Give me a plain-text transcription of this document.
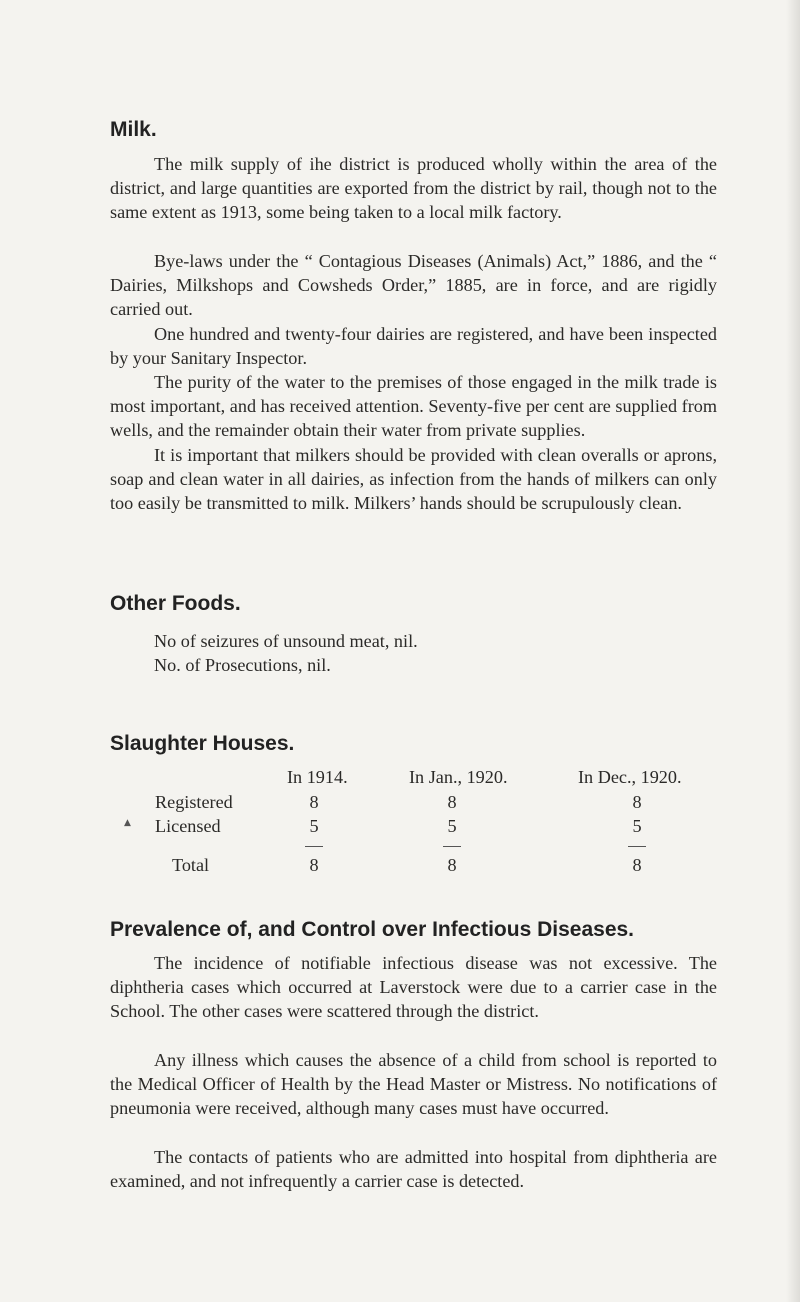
Milk.

The milk supply of ihe district is produced wholly within the area of the district, and large quantities are exported from the district by rail, though not to the same extent as 1913, some being taken to a local milk factory.

Bye-laws under the “ Contagious Diseases (Animals) Act,” 1886, and the “ Dairies, Milkshops and Cowsheds Order,” 1885, are in force, and are rigidly carried out.

One hundred and twenty-four dairies are registered, and have been inspected by your Sanitary Inspector.

The purity of the water to the premises of those engaged in the milk trade is most important, and has received attention. Seventy-five per cent are supplied from wells, and the remainder obtain their water from private supplies.

It is important that milkers should be provided with clean overalls or aprons, soap and clean water in all dairies, as infection from the hands of milkers can only too easily be transmitted to milk. Milkers’ hands should be scrupulously clean.

Other Foods.
No of seizures of unsound meat, nil.
No. of Prosecutions, nil.
Slaughter Houses.
In 1914.	In Jan., 1920.	In Dec., 1920.
Registered	8	8	8
▲ Licensed	5	5	5
Total	8	8	8
Prevalence of, and Control over Infectious Diseases.

The incidence of notifiable infectious disease was not excessive. The diphtheria cases which occurred at Laverstock were due to a carrier case in the School. The other cases were scattered through the district.

Any illness which causes the absence of a child from school is reported to the Medical Officer of Health by the Head Master or Mistress. No notifications of pneumonia were received, although many cases must have occurred.

The contacts of patients who are admitted into hospital from diphtheria are examined, and not infrequently a carrier case is detected.
